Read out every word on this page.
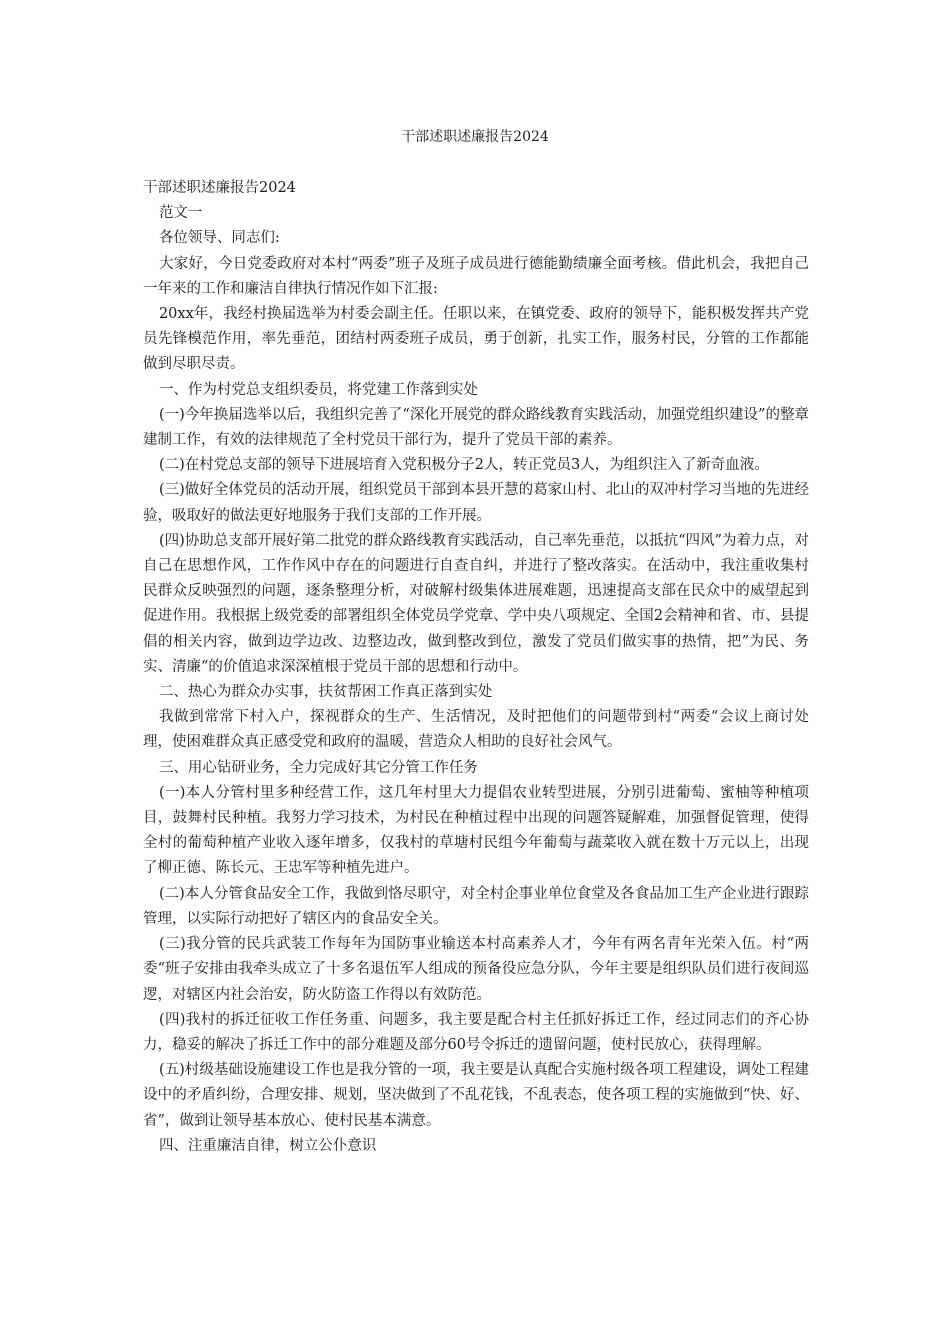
干部述职述廉报告2024

干部述职述廉报告2024

范文一

各位领导、同志们:

大家好，今日党委政府对本村“两委”班子及班子成员进行德能勤绩廉全面考核。借此机会，我把自己一年来的工作和廉洁自律执行情况作如下汇报:

20xx年，我经村换届选举为村委会副主任。任职以来，在镇党委、政府的领导下，能积极发挥共产党员先锋模范作用，率先垂范，团结村两委班子成员，勇于创新，扎实工作，服务村民，分管的工作都能做到尽职尽责。

一、作为村党总支组织委员，将党建工作落到实处

(一)今年换届选举以后，我组织完善了“深化开展党的群众路线教育实践活动，加强党组织建设”的整章建制工作，有效的法律规范了全村党员干部行为，提升了党员干部的素养。

(二)在村党总支部的领导下进展培育入党积极分子2人，转正党员3人，为组织注入了新奇血液。

(三)做好全体党员的活动开展，组织党员干部到本县开慧的葛家山村、北山的双冲村学习当地的先进经验，吸取好的做法更好地服务于我们支部的工作开展。

(四)协助总支部开展好第二批党的群众路线教育实践活动，自己率先垂范，以抵抗“四风”为着力点，对自己在思想作风，工作作风中存在的问题进行自查自纠，并进行了整改落实。在活动中，我注重收集村民群众反映强烈的问题，逐条整理分析，对破解村级集体进展难题，迅速提高支部在民众中的威望起到促进作用。我根据上级党委的部署组织全体党员学党章、学中央八项规定、全国2会精神和省、市、县提倡的相关内容，做到边学边改、边整边改，做到整改到位，激发了党员们做实事的热情，把”为民、务实、清廉“的价值追求深深植根于党员干部的思想和行动中。

二、热心为群众办实事，扶贫帮困工作真正落到实处

我做到常常下村入户，探视群众的生产、生活情况，及时把他们的问题带到村“两委“会议上商讨处理，使困难群众真正感受党和政府的温暖，营造众人相助的良好社会风气。

三、用心钻研业务，全力完成好其它分管工作任务

(一)本人分管村里多种经营工作，这几年村里大力提倡农业转型进展，分别引进葡萄、蜜柚等种植项目，鼓舞村民种植。我努力学习技术，为村民在种植过程中出现的问题答疑解难，加强督促管理，使得全村的葡萄种植产业收入逐年增多，仅我村的草塘村民组今年葡萄与蔬菜收入就在数十万元以上，出现了柳正德、陈长元、王忠军等种植先进户。

(二)本人分管食品安全工作，我做到恪尽职守，对全村企事业单位食堂及各食品加工生产企业进行跟踪管理，以实际行动把好了辖区内的食品安全关。

(三)我分管的民兵武装工作每年为国防事业输送本村高素养人才，今年有两名青年光荣入伍。村“两委“班子安排由我牵头成立了十多名退伍军人组成的预备役应急分队，今年主要是组织队员们进行夜间巡逻，对辖区内社会治安，防火防盗工作得以有效防范。

(四)我村的拆迁征收工作任务重、问题多，我主要是配合村主任抓好拆迁工作，经过同志们的齐心协力，稳妥的解决了拆迁工作中的部分难题及部分60号令拆迁的遗留问题，使村民放心，获得理解。

(五)村级基础设施建设工作也是我分管的一项，我主要是认真配合实施村级各项工程建设，调处工程建设中的矛盾纠纷，合理安排、规划，坚决做到了不乱花钱，不乱表态，使各项工程的实施做到“快、好、省”，做到让领导基本放心、使村民基本满意。

四、注重廉洁自律，树立公仆意识
